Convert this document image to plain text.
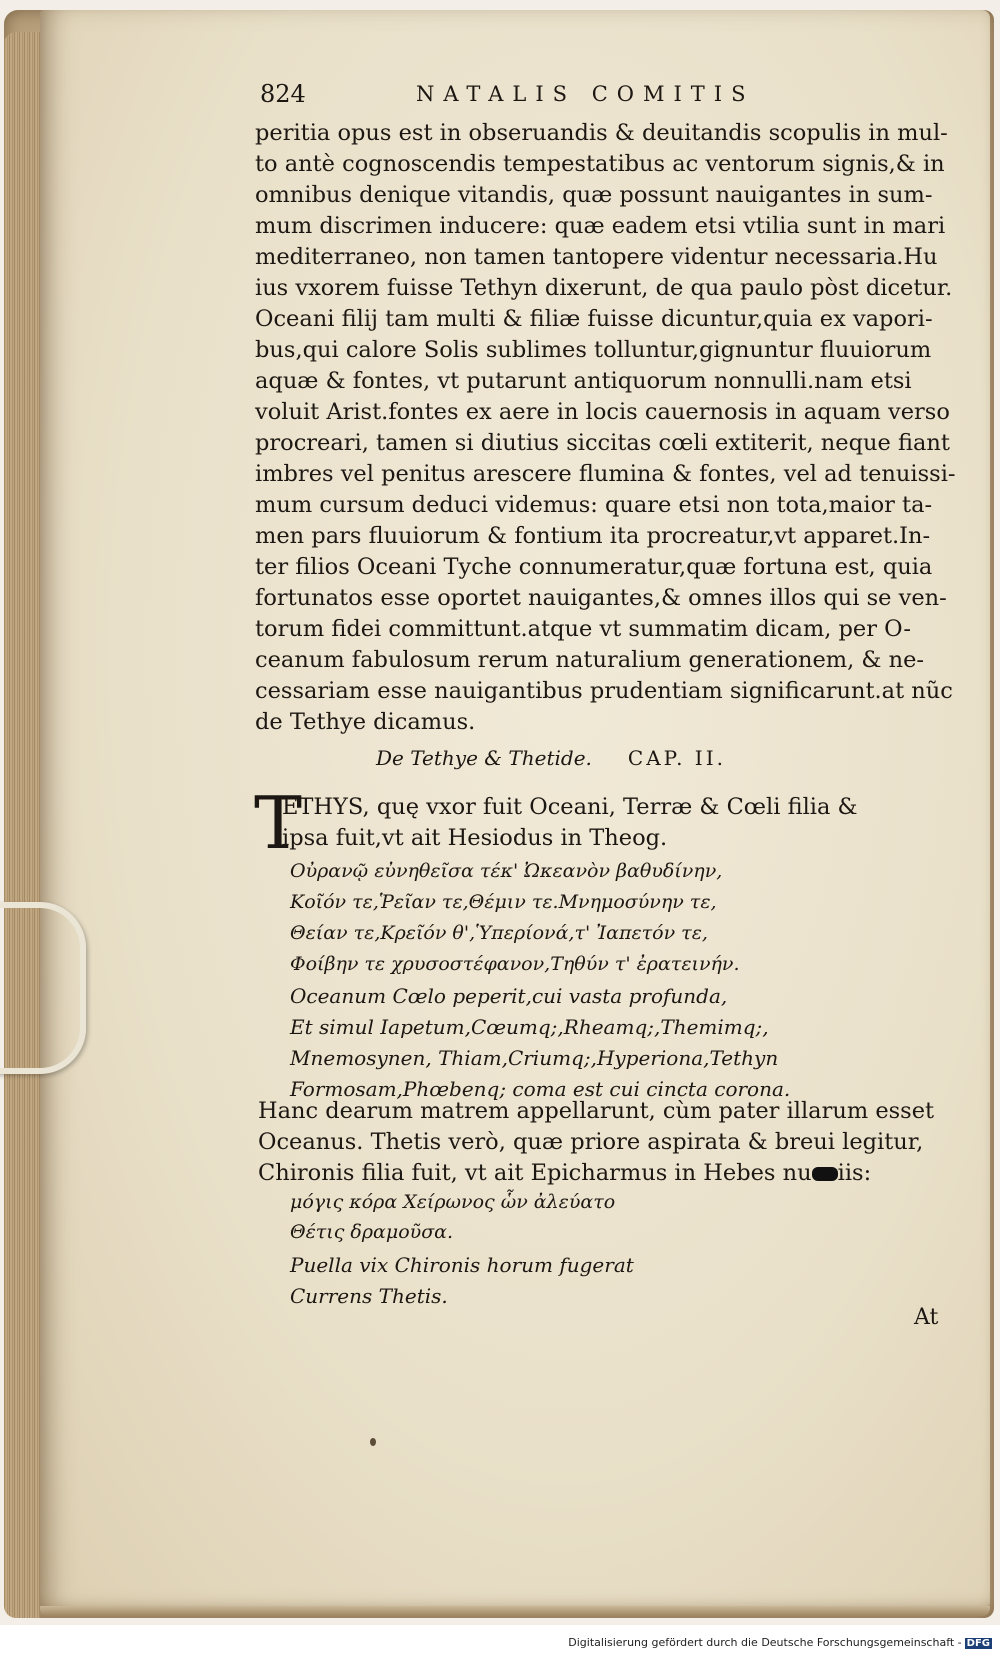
824	NATALIS COMITIS
peritia opus est in obseruandis & deuitandis scopulis in mul-
to antè cognoscendis tempestatibus ac ventorum signis,& in
omnibus denique vitandis, quæ possunt nauigantes in sum-
mum discrimen inducere: quæ eadem etsi vtilia sunt in mari
mediterraneo, non tamen tantopere videntur necessaria.Hu
ius vxorem fuisse Tethyn dixerunt, de qua paulo pòst dicetur.
Oceani filij tam multi & filiæ fuisse dicuntur,quia ex vapori-
bus,qui calore Solis sublimes tolluntur,gignuntur fluuiorum
aquæ & fontes, vt putarunt antiquorum nonnulli.nam etsi
voluit Arist.fontes ex aere in locis cauernosis in aquam verso
procreari, tamen si diutius siccitas cœli extiterit, neque fiant
imbres vel penitus arescere flumina & fontes, vel ad tenuissi-
mum cursum deduci videmus: quare etsi non tota,maior ta-
men pars fluuiorum & fontium ita procreatur,vt apparet.In-
ter filios Oceani Tyche connumeratur,quæ fortuna est, quia
fortunatos esse oportet nauigantes,& omnes illos qui se ven-
torum fidei committunt.atque vt summatim dicam, per O-
ceanum fabulosum rerum naturalium generationem, & ne-
cessariam esse nauigantibus prudentiam significarunt.at nũc
de Tethye dicamus.
De Tethye & Thetide. CAP. II.
T
ETHYS, quę vxor fuit Oceani, Terræ & Cœli filia &
ipsa fuit,vt ait Hesiodus in Theog.
Οὐρανῷ εὐνηθεῖσα τέκ' Ὠκεανὸν βαθυδίνην,
Κοῖόν τε,Ῥεῖαν τε,Θέμιν τε.Μνημοσύνην τε,
Θείαν τε,Κρεῖόν θ',Ὑπερίονά,τ' Ἰαπετόν τε,
Φοίβην τε χρυσοστέφανον,Τηθύν τ' ἐρατεινήν.
Oceanum Cœlo peperit,cui vasta profunda,
Et simul Iapetum,Cœumq;,Rheamq;,Themimq;,
Mnemosynen, Thiam,Criumq;,Hyperiona,Tethyn
Formosam,Phœbenq; coma est cui cincta corona.
Hanc dearum matrem appellarunt, cùm pater illarum esset
Oceanus. Thetis verò, quæ priore aspirata & breui legitur,
Chironis filia fuit, vt ait Epicharmus in Hebes nu iis:
μόγις κόρα Χείρωνος ὧν ἀλεύατο
Θέτις δραμοῦσα.
Puella vix Chironis horum fugerat
Currens Thetis.
At
Digitalisierung gefördert durch die Deutsche Forschungsgemeinschaft - DFG
